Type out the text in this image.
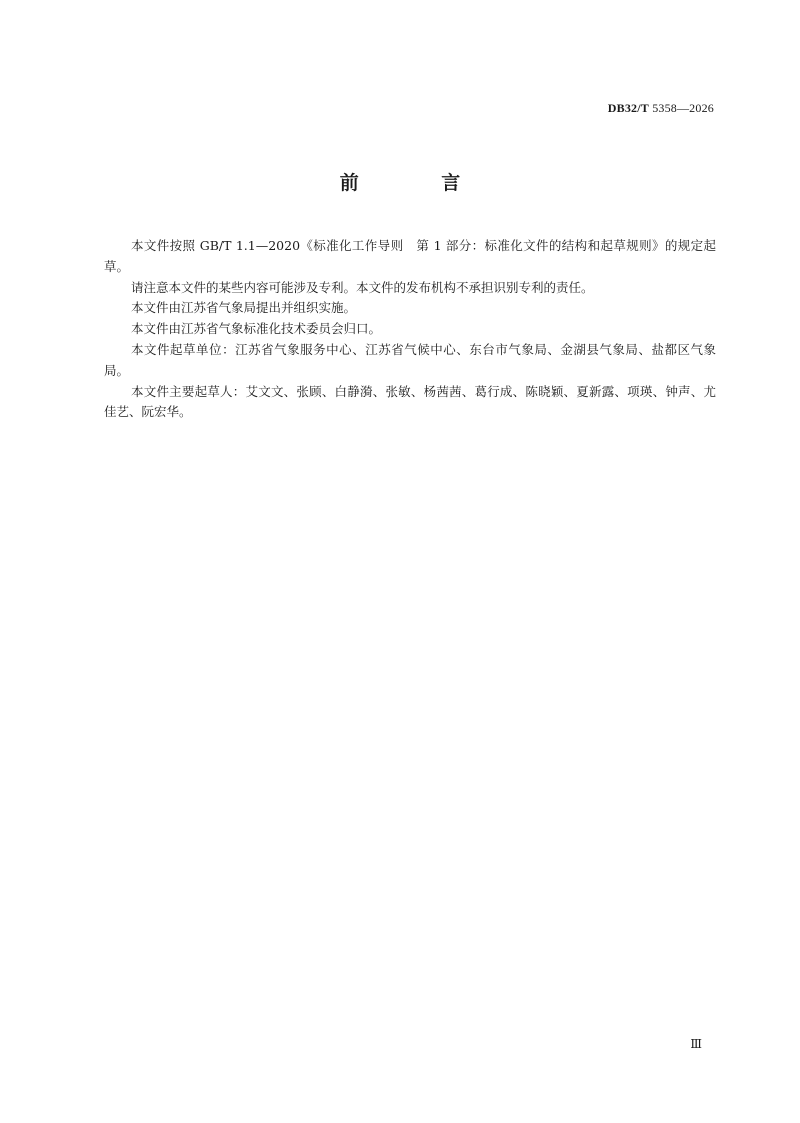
DB32/T 5358—2026
前 言

本文件按照 GB/T 1.1—2020《标准化工作导则　第 1 部分：标准化文件的结构和起草规则》的规定起草。

请注意本文件的某些内容可能涉及专利。本文件的发布机构不承担识别专利的责任。

本文件由江苏省气象局提出并组织实施。

本文件由江苏省气象标准化技术委员会归口。

本文件起草单位：江苏省气象服务中心、江苏省气候中心、东台市气象局、金湖县气象局、盐都区气象局。

本文件主要起草人：艾文文、张顾、白静漪、张敏、杨茜茜、葛行成、陈晓颖、夏新露、项瑛、钟声、尤佳艺、阮宏华。

Ⅲ
